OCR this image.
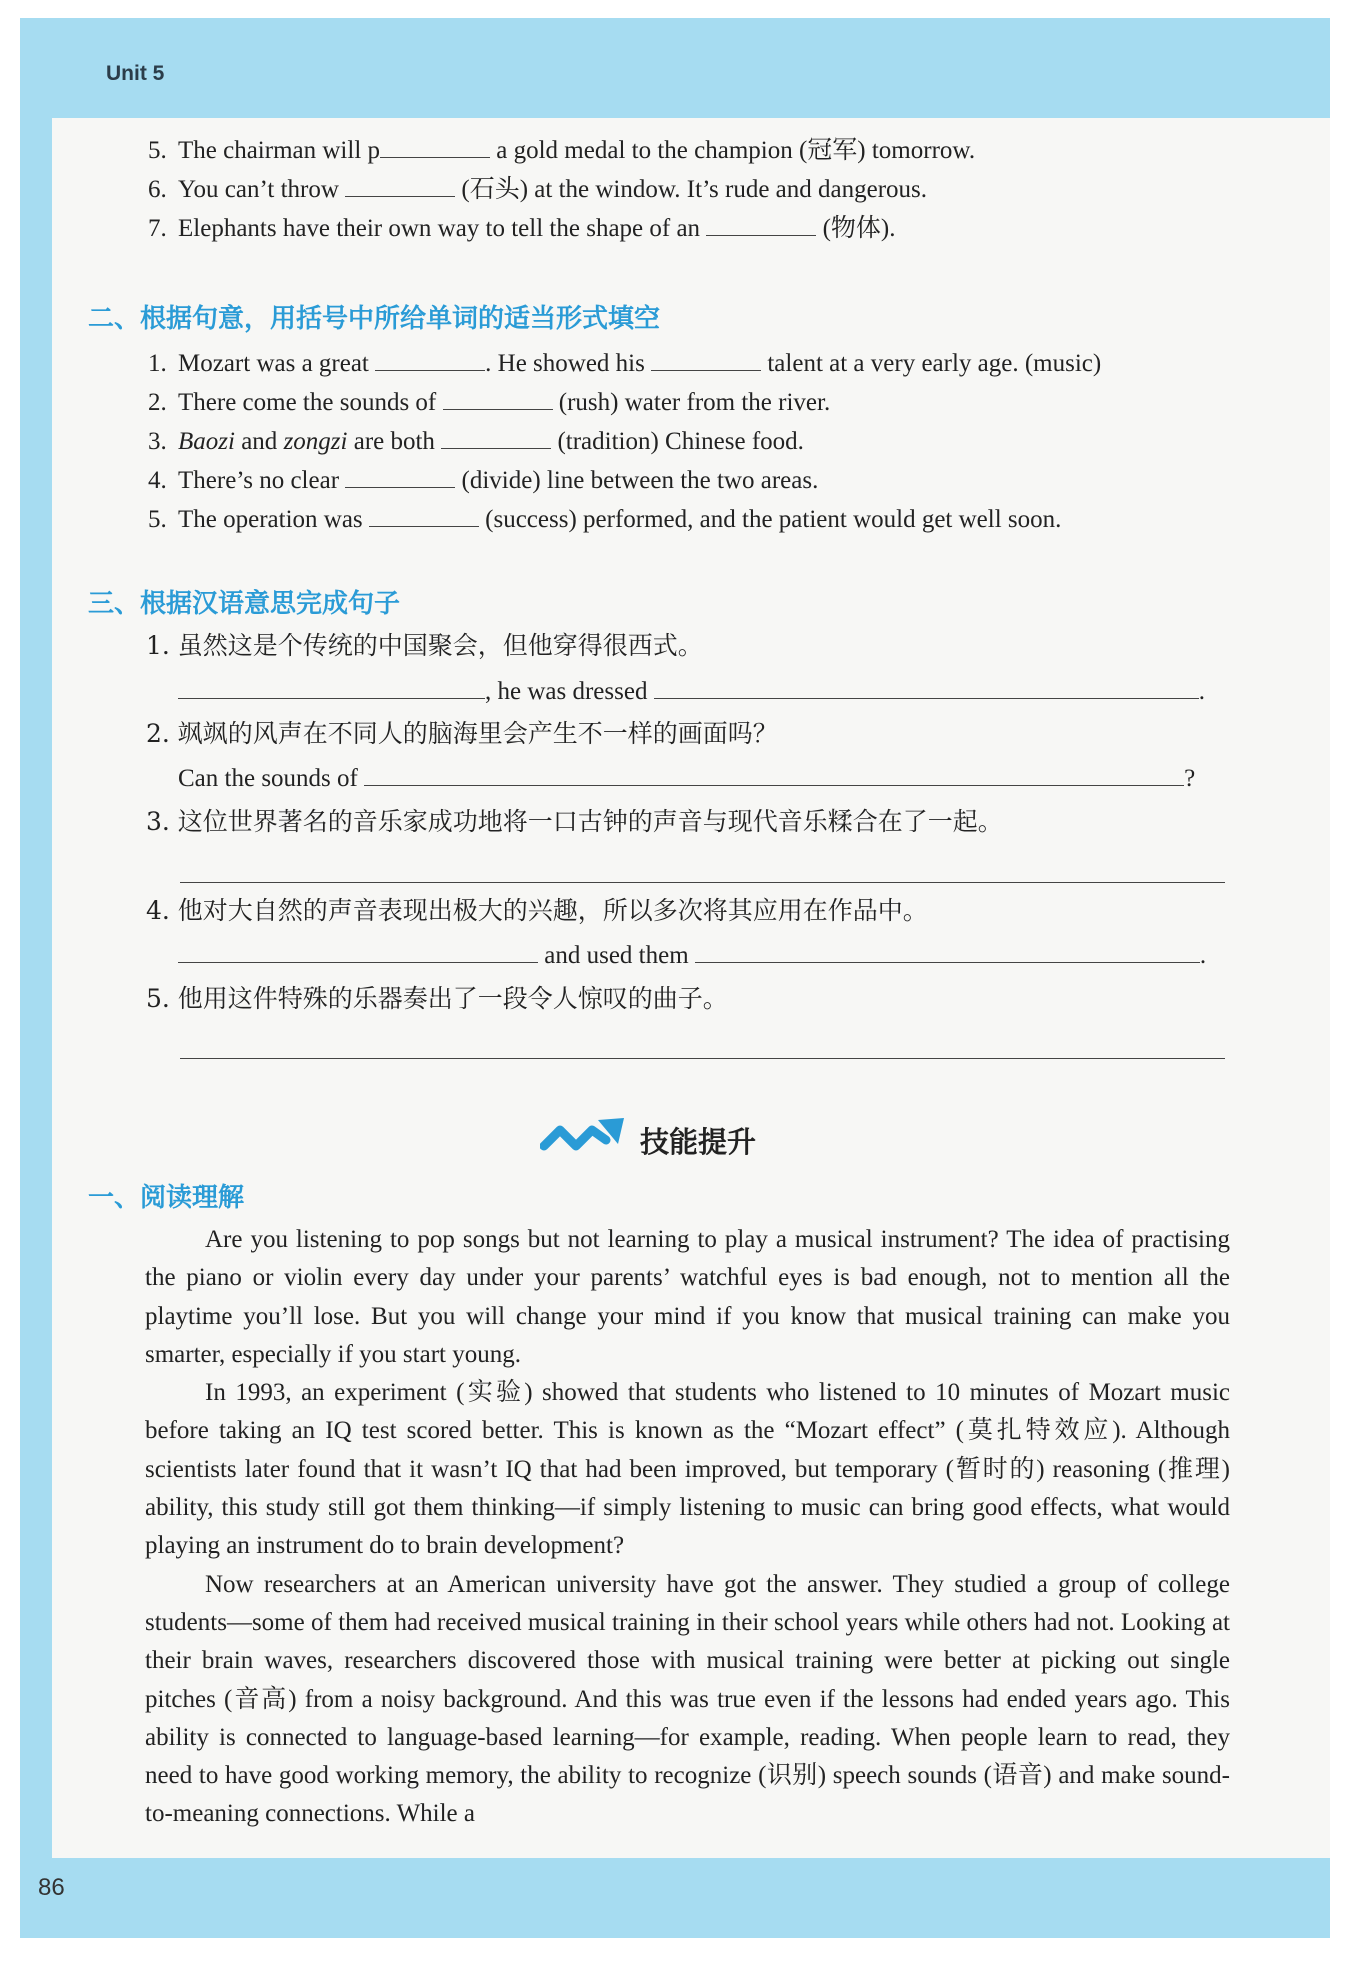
Unit 5
5. The chairman will p	a gold medal to the champion (冠军) tomorrow.
6. You can’t throw	(石头) at the window. It’s rude and dangerous.
7. Elephants have their own way to tell the shape of an	(物体).
二、根据句意，用括号中所给单词的适当形式填空
1. Mozart was a great	. He showed his	talent at a very early age. (music)
2. There come the sounds of	(rush) water from the river.
3. Baozi and zongzi are both	(tradition) Chinese food.
4. There’s no clear	(divide) line between the two areas.
5. The operation was	(success) performed, and the patient would get well soon.
三、根据汉语意思完成句子
1. 虽然这是个传统的中国聚会，但他穿得很西式。
, he was dressed	.
2. 飒飒的风声在不同人的脑海里会产生不一样的画面吗？
Can the sounds of	?
3. 这位世界著名的音乐家成功地将一口古钟的声音与现代音乐糅合在了一起。
4. 他对大自然的声音表现出极大的兴趣，所以多次将其应用在作品中。
and used them	.
5. 他用这件特殊的乐器奏出了一段令人惊叹的曲子。
技能提升
一、阅读理解

Are you listening to pop songs but not learning to play a musical instrument? The idea of practising the piano or violin every day under your parents’ watchful eyes is bad enough, not to mention all the playtime you’ll lose. But you will change your mind if you know that musical training can make you smarter, especially if you start young.

In 1993, an experiment (实验) showed that students who listened to 10 minutes of Mozart music before taking an IQ test scored better. This is known as the “Mozart effect” (莫扎特效应). Although scientists later found that it wasn’t IQ that had been improved, but temporary (暂时的) reasoning (推理) ability, this study still got them thinking—if simply listening to music can bring good effects, what would playing an instrument do to brain development?

Now researchers at an American university have got the answer. They studied a group of college students—some of them had received musical training in their school years while others had not. Looking at their brain waves, researchers discovered those with musical training were better at picking out single pitches (音高) from a noisy background. And this was true even if the lessons had ended years ago. This ability is connected to language-based learning—for example, reading. When people learn to read, they need to have good working memory, the ability to recognize (识别) speech sounds (语音) and make sound-to-meaning connections. While a

86
